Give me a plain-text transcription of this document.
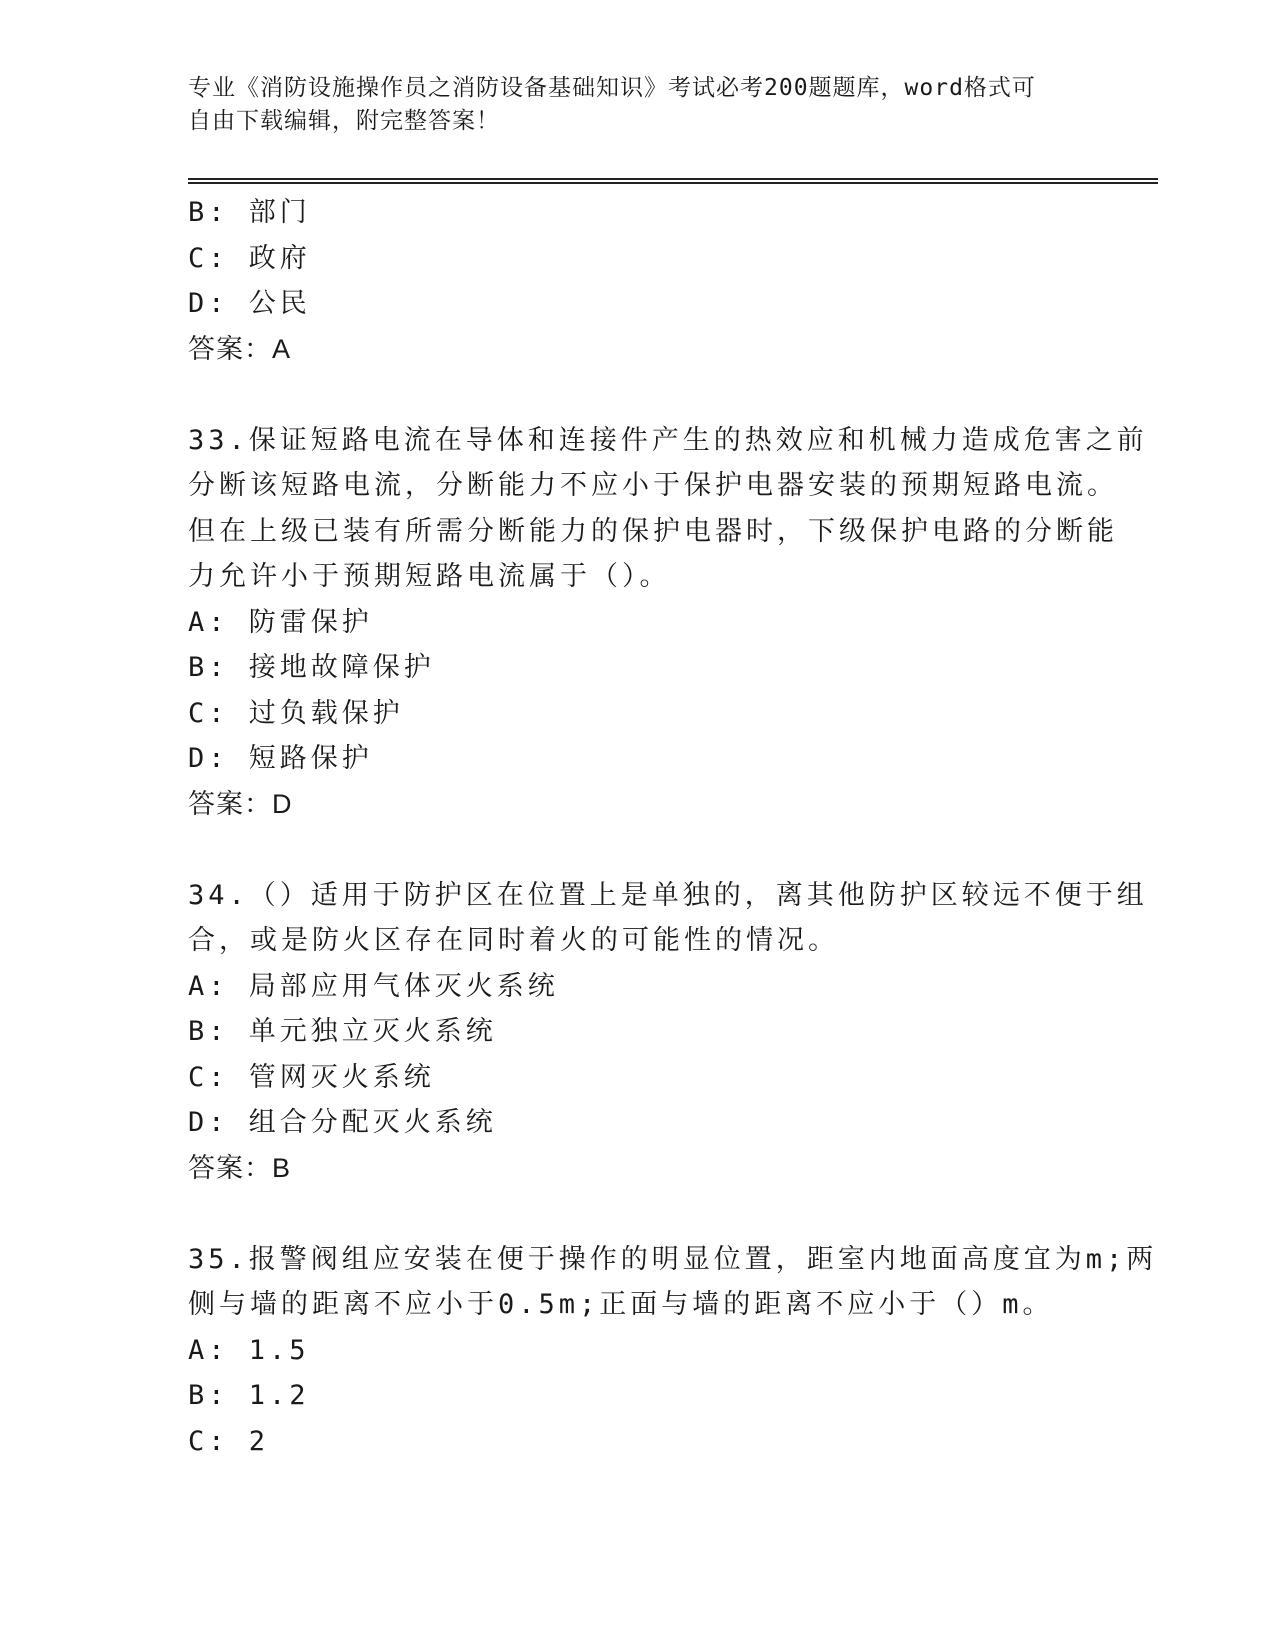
专业《消防设施操作员之消防设备基础知识》考试必考200题题库，word格式可
自由下载编辑，附完整答案！
B: 部门
C: 政府
D: 公民
答案：A
33.保证短路电流在导体和连接件产生的热效应和机械力造成危害之前
分断该短路电流，分断能力不应小于保护电器安装的预期短路电流。
但在上级已装有所需分断能力的保护电器时，下级保护电路的分断能
力允许小于预期短路电流属于（）。
A: 防雷保护
B: 接地故障保护
C: 过负载保护
D: 短路保护
答案：D
34.（）适用于防护区在位置上是单独的，离其他防护区较远不便于组
合，或是防火区存在同时着火的可能性的情况。
A: 局部应用气体灭火系统
B: 单元独立灭火系统
C: 管网灭火系统
D: 组合分配灭火系统
答案：B
35.报警阀组应安装在便于操作的明显位置，距室内地面高度宜为m;两
侧与墙的距离不应小于0.5m;正面与墙的距离不应小于（）m。
A: 1.5
B: 1.2
C: 2
